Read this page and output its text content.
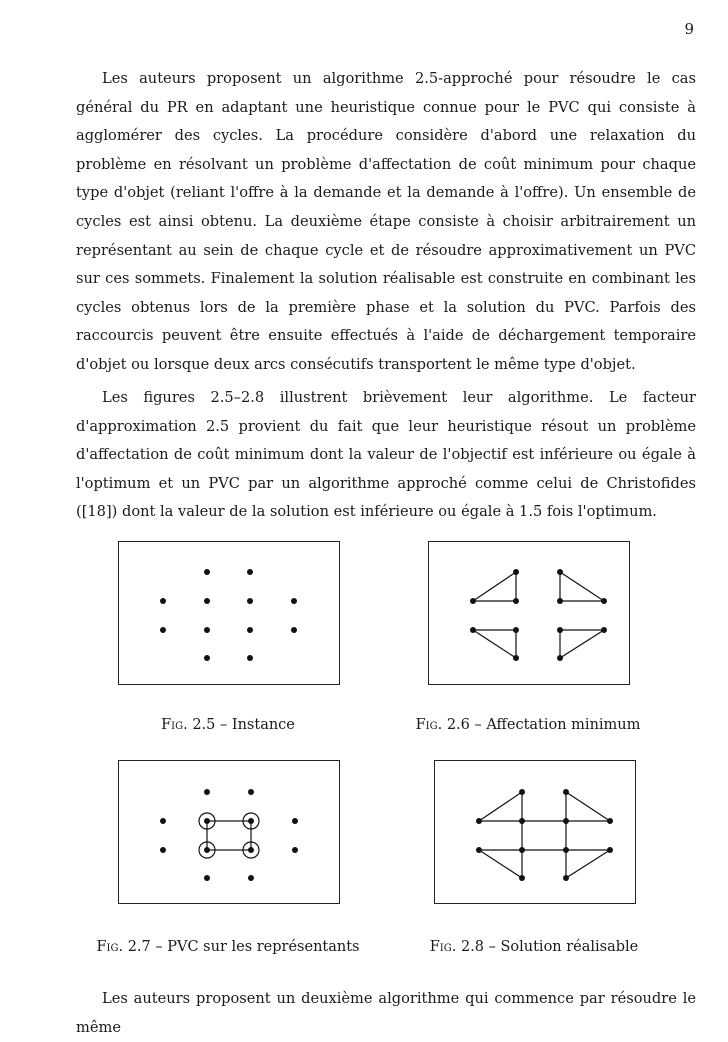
9

Les auteurs proposent un algorithme 2.5-approché pour résoudre le cas général du PR en adaptant une heuristique connue pour le PVC qui consiste à agglomérer des cycles. La procédure considère d'abord une relaxation du problème en résolvant un problème d'affectation de coût minimum pour chaque type d'objet (reliant l'offre à la demande et la demande à l'offre). Un ensemble de cycles est ainsi obtenu. La deuxième étape consiste à choisir arbitrairement un représentant au sein de chaque cycle et de résoudre approximativement un PVC sur ces sommets. Finalement la solution réalisable est construite en combinant les cycles obtenus lors de la première phase et la solution du PVC. Parfois des raccourcis peuvent être ensuite effectués à l'aide de déchargement temporaire d'objet ou lorsque deux arcs consécutifs transportent le même type d'objet.

Les figures 2.5–2.8 illustrent brièvement leur algorithme. Le facteur d'approximation 2.5 provient du fait que leur heuristique résout un problème d'affectation de coût minimum dont la valeur de l'objectif est inférieure ou égale à l'optimum et un PVC par un algorithme approché comme celui de Christofides ([18]) dont la valeur de la solution est inférieure ou égale à 1.5 fois l'optimum.

Fig. 2.5 – Instance	Fig. 2.6 – Affectation minimum
Fig. 2.7 – PVC sur les représentants	Fig. 2.8 – Solution réalisable

Les auteurs proposent un deuxième algorithme qui commence par résoudre le même
